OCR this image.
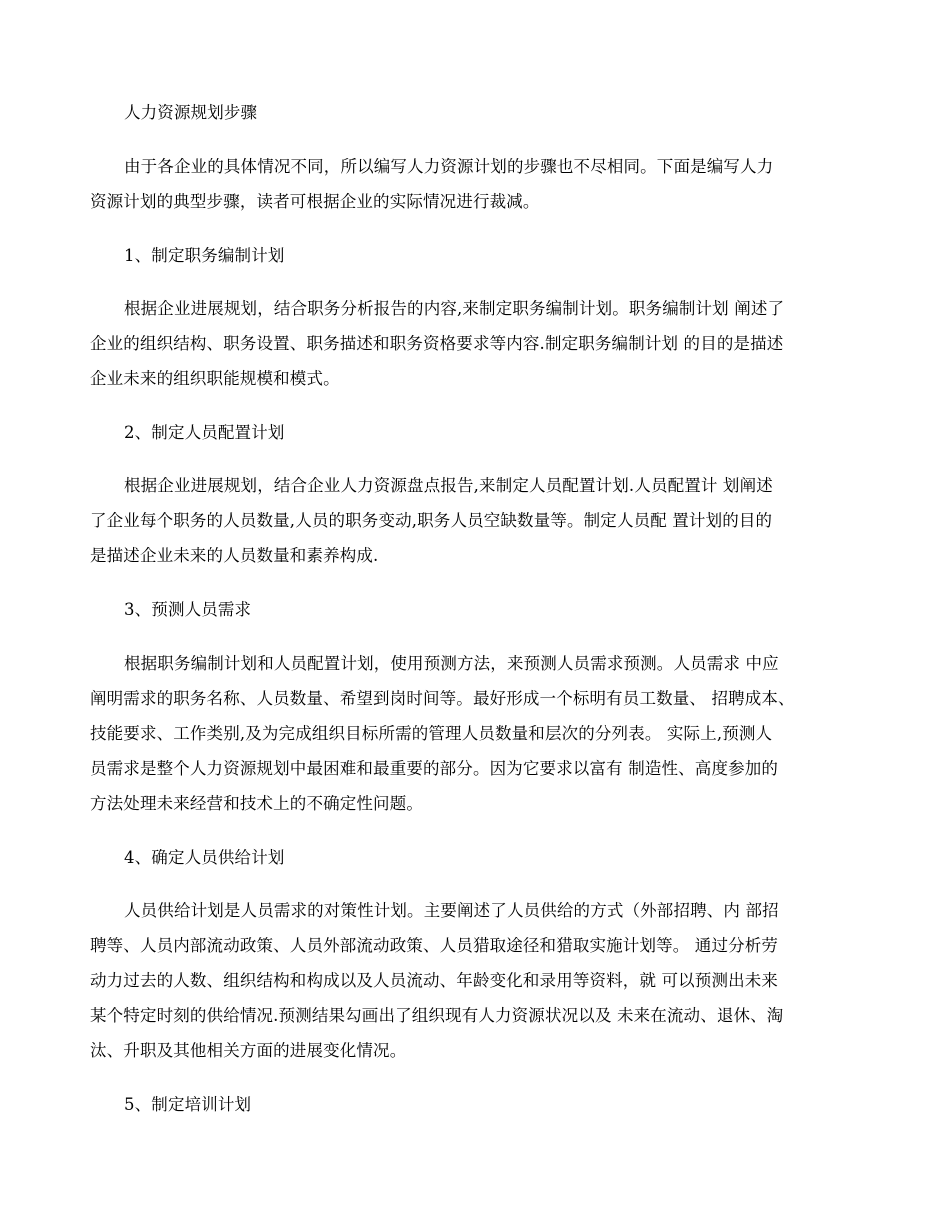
人力资源规划步骤
由于各企业的具体情况不同，所以编写人力资源计划的步骤也不尽相同。下面是编写人力
资源计划的典型步骤，读者可根据企业的实际情况进行裁减。
1、制定职务编制计划
根据企业进展规划，结合职务分析报告的内容,来制定职务编制计划。职务编制计划 阐述了
企业的组织结构、职务设置、职务描述和职务资格要求等内容.制定职务编制计划 的目的是描述
企业未来的组织职能规模和模式。
2、制定人员配置计划
根据企业进展规划，结合企业人力资源盘点报告,来制定人员配置计划.人员配置计 划阐述
了企业每个职务的人员数量,人员的职务变动,职务人员空缺数量等。制定人员配 置计划的目的
是描述企业未来的人员数量和素养构成.
3、预测人员需求
根据职务编制计划和人员配置计划，使用预测方法，来预测人员需求预测。人员需求 中应
阐明需求的职务名称、人员数量、希望到岗时间等。最好形成一个标明有员工数量、 招聘成本、
技能要求、工作类别,及为完成组织目标所需的管理人员数量和层次的分列表。 实际上,预测人
员需求是整个人力资源规划中最困难和最重要的部分。因为它要求以富有 制造性、高度参加的
方法处理未来经营和技术上的不确定性问题。
4、确定人员供给计划
人员供给计划是人员需求的对策性计划。主要阐述了人员供给的方式（外部招聘、内 部招
聘等、人员内部流动政策、人员外部流动政策、人员猎取途径和猎取实施计划等。 通过分析劳
动力过去的人数、组织结构和构成以及人员流动、年龄变化和录用等资料，就 可以预测出未来
某个特定时刻的供给情况.预测结果勾画出了组织现有人力资源状况以及 未来在流动、退休、淘
汰、升职及其他相关方面的进展变化情况。
5、制定培训计划
